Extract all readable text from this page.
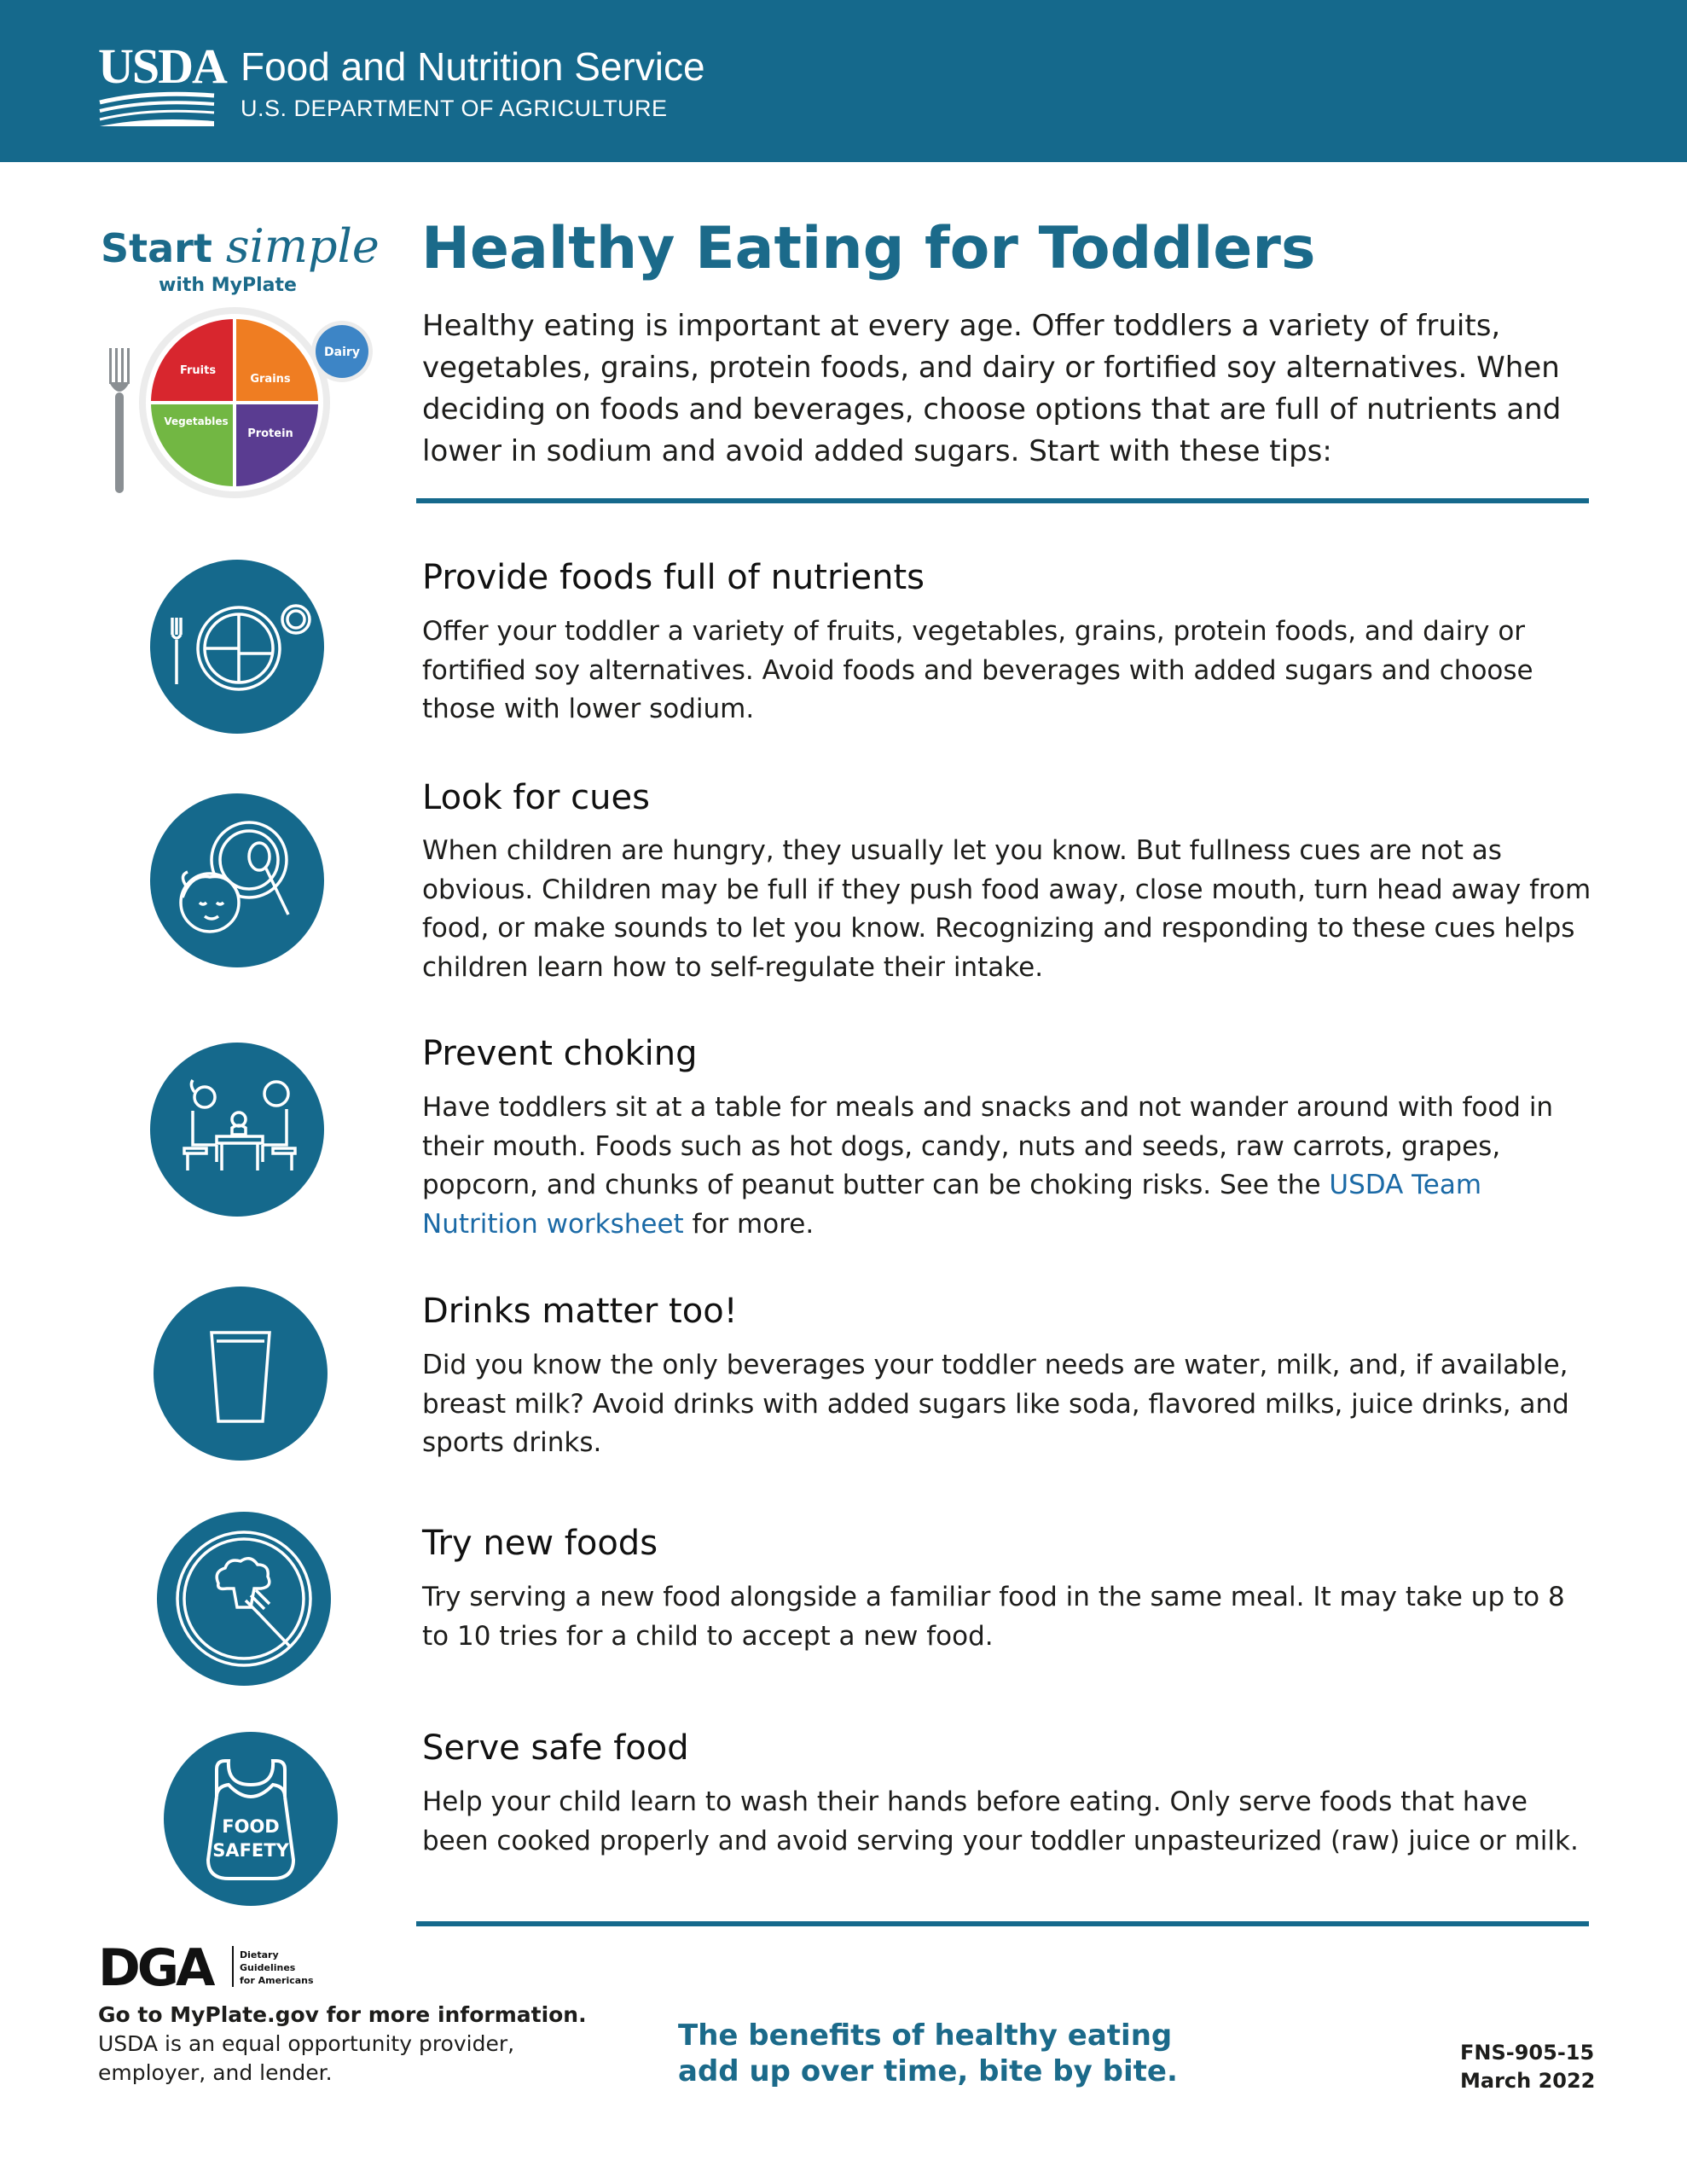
USDA Food and Nutrition Service
U.S. DEPARTMENT OF AGRICULTURE
Start simple
with MyPlate
Fruits
Grains
Vegetables
Protein
Dairy
Healthy Eating for Toddlers
Healthy eating is important at every age. Offer toddlers a variety of fruits, vegetables, grains, protein foods, and dairy or fortified soy alternatives. When deciding on foods and beverages, choose options that are full of nutrients and lower in sodium and avoid added sugars. Start with these tips:
Provide foods full of nutrients
Offer your toddler a variety of fruits, vegetables, grains, protein foods, and dairy or fortified soy alternatives. Avoid foods and beverages with added sugars and choose those with lower sodium.
Look for cues
When children are hungry, they usually let you know. But fullness cues are not as obvious. Children may be full if they push food away, close mouth, turn head away from food, or make sounds to let you know. Recognizing and responding to these cues helps children learn how to self-regulate their intake.
Prevent choking
Have toddlers sit at a table for meals and snacks and not wander around with food in their mouth. Foods such as hot dogs, candy, nuts and seeds, raw carrots, grapes, popcorn, and chunks of peanut butter can be choking risks. See the USDA Team Nutrition worksheet for more.
Drinks matter too!
Did you know the only beverages your toddler needs are water, milk, and, if available, breast milk? Avoid drinks with added sugars like soda, flavored milks, juice drinks, and sports drinks.
Try new foods
Try serving a new food alongside a familiar food in the same meal. It may take up to 8 to 10 tries for a child to accept a new food.
FOOD
SAFETY
Serve safe food
Help your child learn to wash their hands before eating. Only serve foods that have been cooked properly and avoid serving your toddler unpasteurized (raw) juice or milk.
DGA	Dietary
Guidelines
for Americans
Go to MyPlate.gov for more information.
USDA is an equal opportunity provider,
employer, and lender.
The benefits of healthy eating
add up over time, bite by bite.
FNS-905-15
March 2022
